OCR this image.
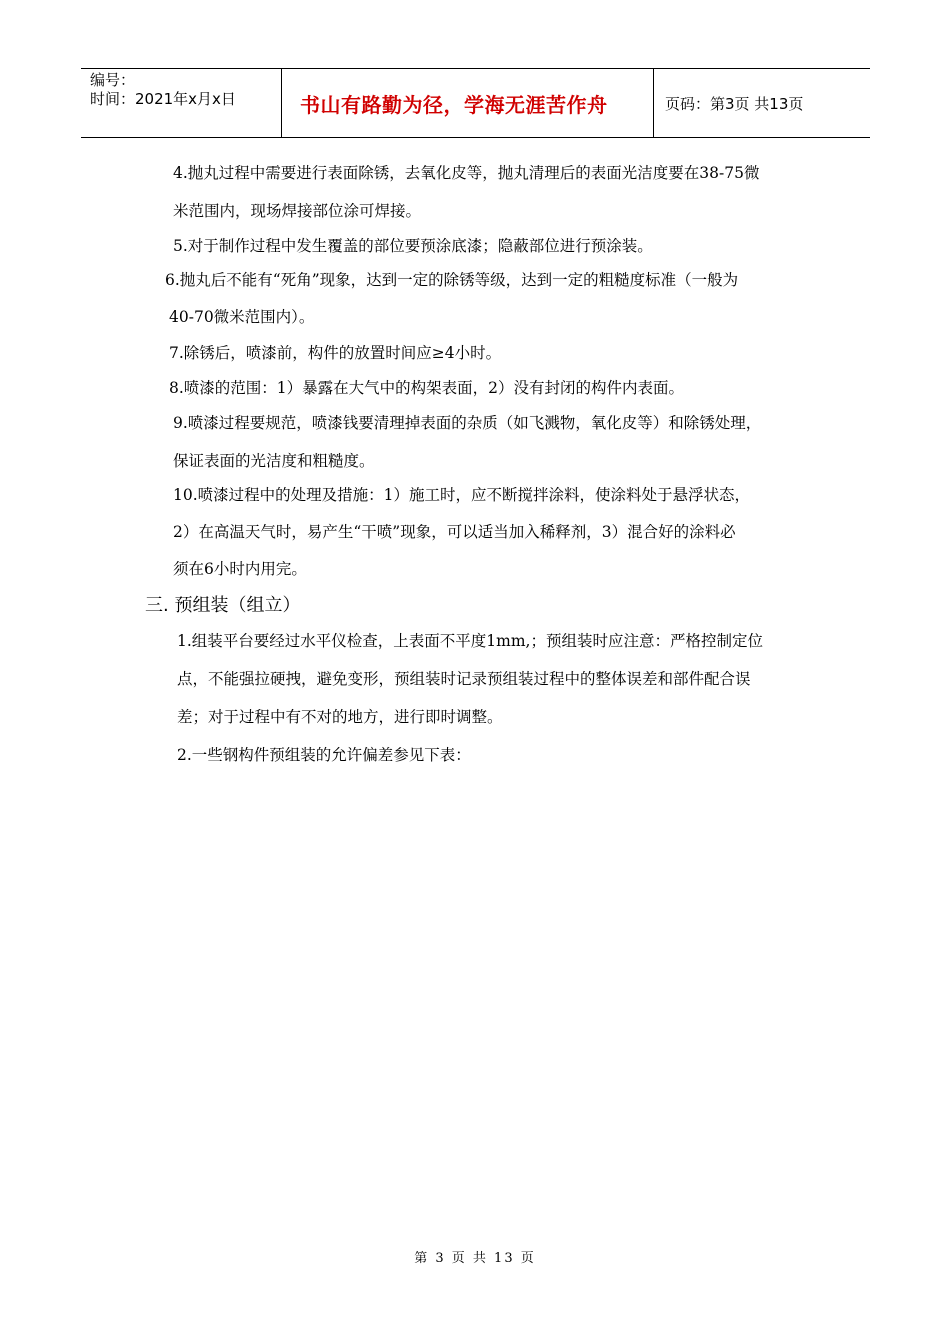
编号：
时间：2021年x月x日	书山有路勤为径，学海无涯苦作舟	页码：第3页 共13页
4.抛丸过程中需要进行表面除锈，去氧化皮等，抛丸清理后的表面光洁度要在38-75微
米范围内，现场焊接部位涂可焊接。
5.对于制作过程中发生覆盖的部位要预涂底漆；隐蔽部位进行预涂装。
6.抛丸后不能有“死角”现象，达到一定的除锈等级，达到一定的粗糙度标准（一般为
40-70微米范围内）。
7.除锈后，喷漆前，构件的放置时间应≥4小时。
8.喷漆的范围：1）暴露在大气中的构架表面，2）没有封闭的构件内表面。
9.喷漆过程要规范，喷漆钱要清理掉表面的杂质（如飞溅物，氧化皮等）和除锈处理，
保证表面的光洁度和粗糙度。
10.喷漆过程中的处理及措施：1）施工时，应不断搅拌涂料，使涂料处于悬浮状态，
2）在高温天气时，易产生“干喷”现象，可以适当加入稀释剂，3）混合好的涂料必
须在6小时内用完。
三. 预组装（组立）
1.组装平台要经过水平仪检查，上表面不平度1mm,；预组装时应注意：严格控制定位
点，不能强拉硬拽，避免变形，预组装时记录预组装过程中的整体误差和部件配合误
差；对于过程中有不对的地方，进行即时调整。
2.一些钢构件预组装的允许偏差参见下表：
第 3 页 共 13 页
